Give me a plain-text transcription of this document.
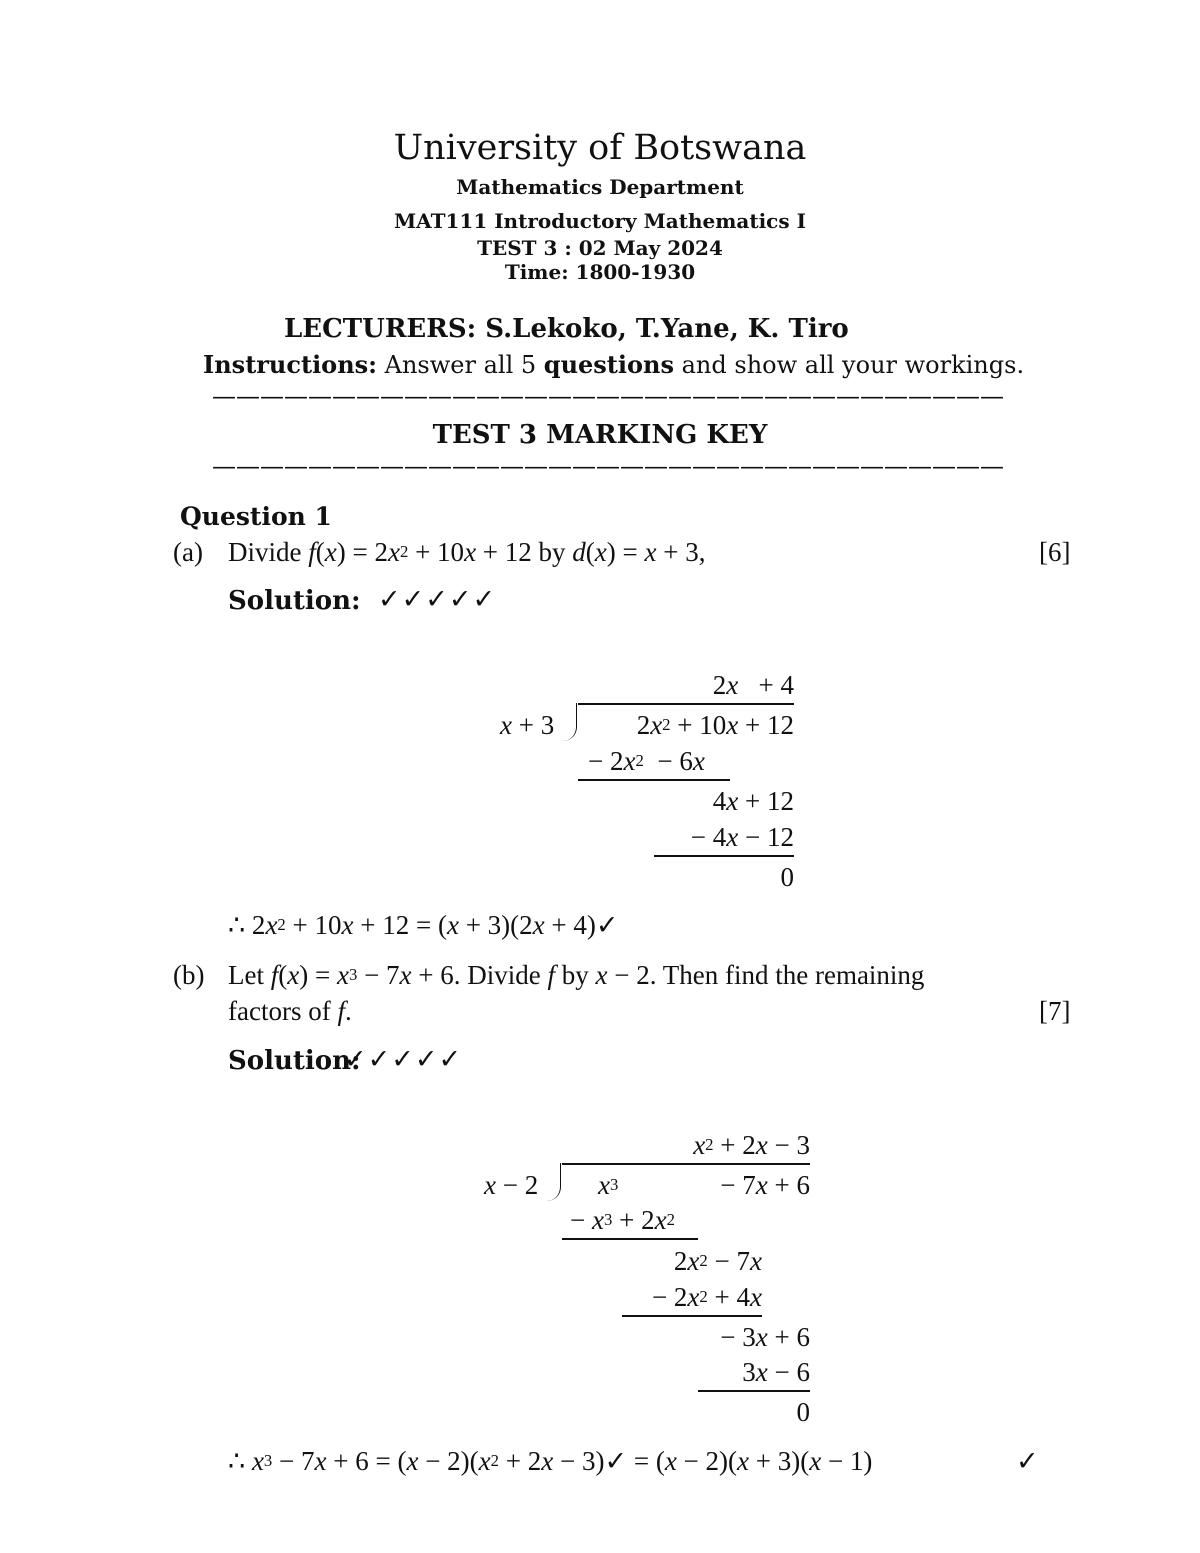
University of Botswana
Mathematics Department
MAT111 Introductory Mathematics I
TEST 3 : 02 May 2024
Time: 1800-1930
LECTURERS: S.Lekoko, T.Yane, K. Tiro
Instructions: Answer all 5 questions and show all your workings.
—————————————————————————————————
TEST 3 MARKING KEY
—————————————————————————————————
Question 1
(a) Divide $f(x) = 2x^2 + 10x + 12$ by d(x) = x + 3,	[6]
Solution: ✓✓✓✓✓
2x   + 4
x + 3	$2x^2 + 10x + 12$
− $2x^2 - 6x$
4x + 12
− 4x − 12
0
∴ $2x^2 + 10x + 12 = (x + 3)(2x$ + 4)✓
(b) Let $f(x) = x^3 - 7x + 6$. Divide f by x − 2. Then find the remaining
factors of f.	[7]
Solution:
✓✓✓✓✓
$x^2 + 2x - 3$
x − 2 $x^3$	− 7x + 6
− $x^3 + 2x^2$
$2x^2 - 7x$
− $2x^2 + 4x$
− 3x + 6
3x − 6
0
∴ $x^3 - 7x + 6 = (x - 2)(x^2 + 2x$ − 3)✓ = (x − 2)(x + 3)(x − 1)	✓
